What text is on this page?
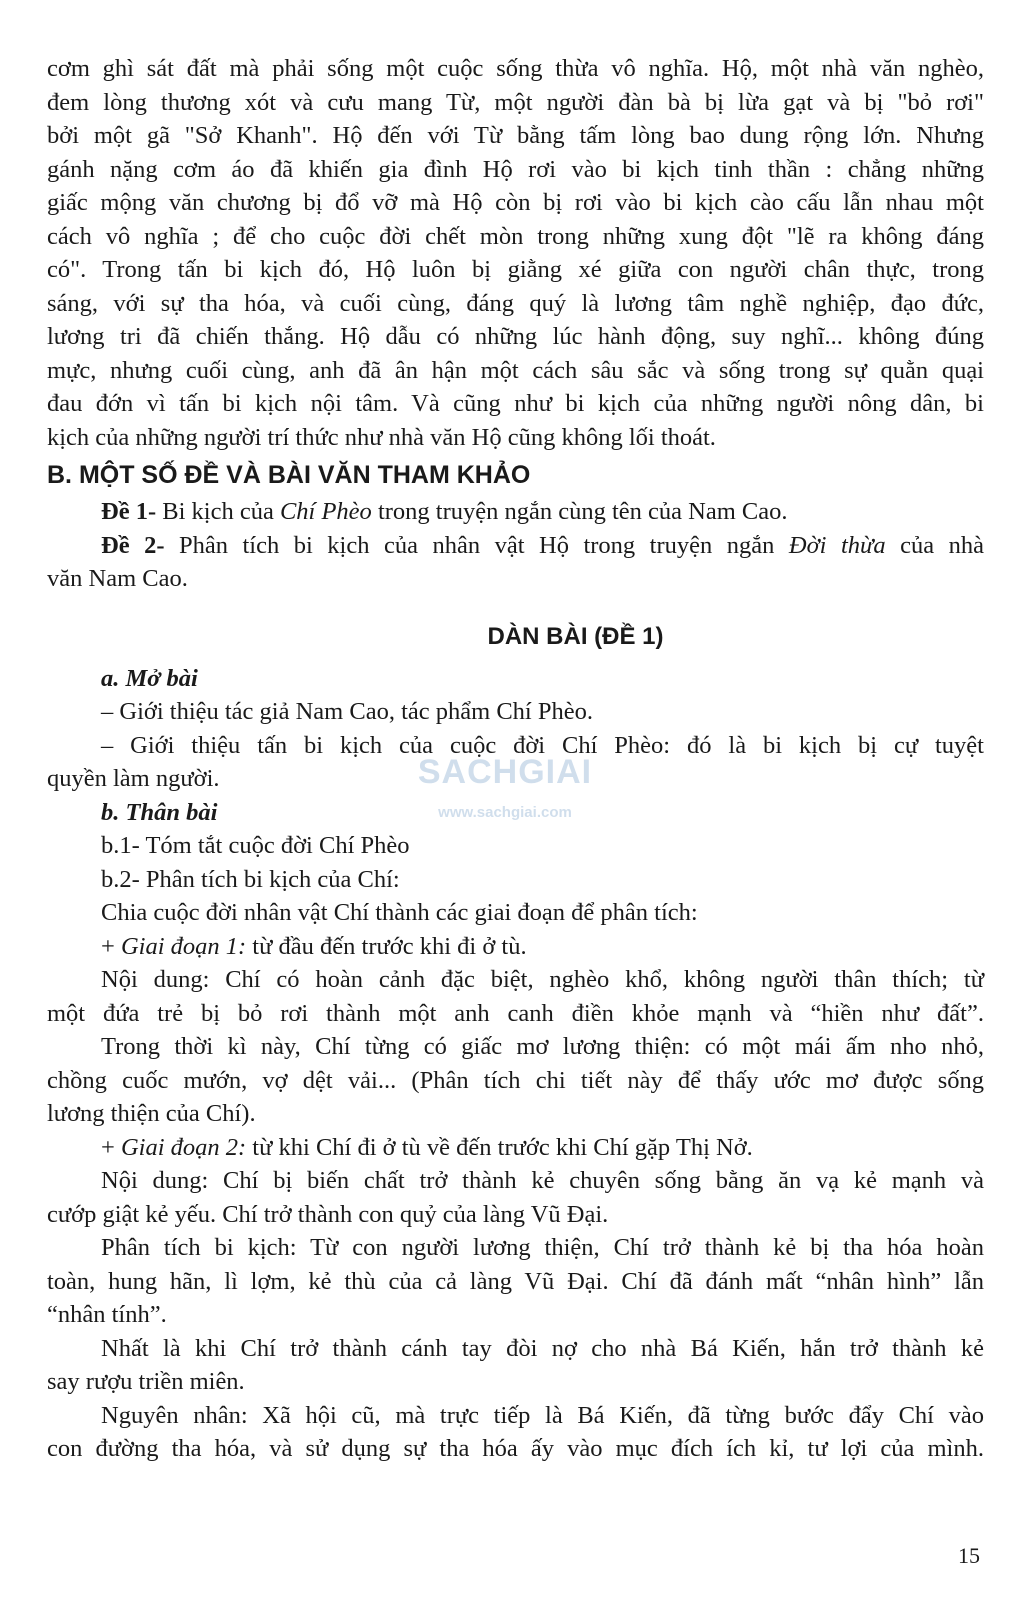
cơm ghì sát đất mà phải sống một cuộc sống thừa vô nghĩa. Hộ, một nhà văn nghèo,
đem lòng thương xót và cưu mang Từ, một người đàn bà bị lừa gạt và bị "bỏ rơi"
bởi một gã "Sở Khanh". Hộ đến với Từ bằng tấm lòng bao dung rộng lớn. Nhưng
gánh nặng cơm áo đã khiến gia đình Hộ rơi vào bi kịch tinh thần : chẳng những
giấc mộng văn chương bị đổ vỡ mà Hộ còn bị rơi vào bi kịch cào cấu lẫn nhau một
cách vô nghĩa ; để cho cuộc đời chết mòn trong những xung đột "lẽ ra không đáng
có". Trong tấn bi kịch đó, Hộ luôn bị giằng xé giữa con người chân thực, trong
sáng, với sự tha hóa, và cuối cùng, đáng quý là lương tâm nghề nghiệp, đạo đức,
lương tri đã chiến thắng. Hộ dẫu có những lúc hành động, suy nghĩ... không đúng
mực, nhưng cuối cùng, anh đã ân hận một cách sâu sắc và sống trong sự quằn quại
đau đớn vì tấn bi kịch nội tâm. Và cũng như bi kịch của những người nông dân, bi
kịch của những người trí thức như nhà văn Hộ cũng không lối thoát.
B. MỘT SỐ ĐỀ VÀ BÀI VĂN THAM KHẢO
Đề 1- Bi kịch của Chí Phèo trong truyện ngắn cùng tên của Nam Cao.
Đề 2- Phân tích bi kịch của nhân vật Hộ trong truyện ngắn Đời thừa của nhà
văn Nam Cao.
DÀN BÀI (ĐỀ 1)
a. Mở bài
– Giới thiệu tác giả Nam Cao, tác phẩm Chí Phèo.
– Giới thiệu tấn bi kịch của cuộc đời Chí Phèo: đó là bi kịch bị cự tuyệt
quyền làm người.
b. Thân bài
b.1- Tóm tắt cuộc đời Chí Phèo
b.2- Phân tích bi kịch của Chí:
Chia cuộc đời nhân vật Chí thành các giai đoạn để phân tích:
+ Giai đoạn 1: từ đầu đến trước khi đi ở tù.
Nội dung: Chí có hoàn cảnh đặc biệt, nghèo khổ, không người thân thích; từ
một đứa trẻ bị bỏ rơi thành một anh canh điền khỏe mạnh và “hiền như đất”.
Trong thời kì này, Chí từng có giấc mơ lương thiện: có một mái ấm nho nhỏ,
chồng cuốc mướn, vợ dệt vải... (Phân tích chi tiết này để thấy ước mơ được sống
lương thiện của Chí).
+ Giai đoạn 2: từ khi Chí đi ở tù về đến trước khi Chí gặp Thị Nở.
Nội dung: Chí bị biến chất trở thành kẻ chuyên sống bằng ăn vạ kẻ mạnh và
cướp giật kẻ yếu. Chí trở thành con quỷ của làng Vũ Đại.
Phân tích bi kịch: Từ con người lương thiện, Chí trở thành kẻ bị tha hóa hoàn
toàn, hung hãn, lì lợm, kẻ thù của cả làng Vũ Đại. Chí đã đánh mất “nhân hình” lẫn
“nhân tính”.
Nhất là khi Chí trở thành cánh tay đòi nợ cho nhà Bá Kiến, hắn trở thành kẻ
say rượu triền miên.
Nguyên nhân: Xã hội cũ, mà trực tiếp là Bá Kiến, đã từng bước đẩy Chí vào
con đường tha hóa, và sử dụng sự tha hóa ấy vào mục đích ích kỉ, tư lợi của mình.
SACHGIAI
www.sachgiai.com
15
